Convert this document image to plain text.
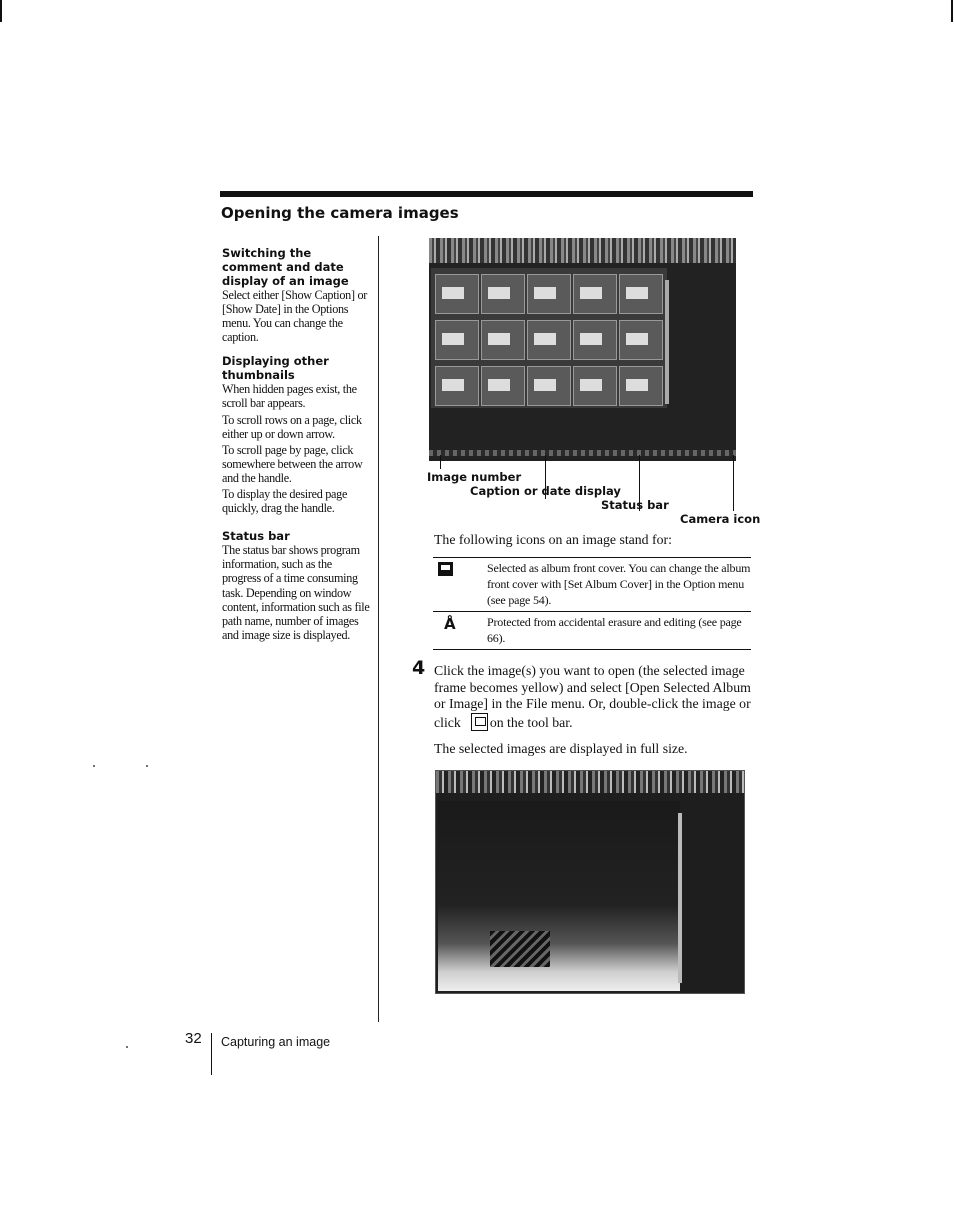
Opening the camera images

Switching the comment and date display of an image

Select either [Show Caption] or [Show Date] in the Options menu. You can change the caption.

Displaying other thumbnails

When hidden pages exist, the scroll bar appears.

To scroll rows on a page, click either up or down arrow.

To scroll page by page, click somewhere between the arrow and the handle.

To display the desired page quickly, drag the handle.

Status bar

The status bar shows program information, such as the progress of a time consuming task. Depending on window content, information such as file path name, number of images and image size is displayed.

Image number
Caption or date display
Status bar
Camera icon
The following icons on an image stand for:
Selected as album front cover. You can change the album front cover with [Set Album Cover] in the Option menu (see page 54).
Å	Protected from accidental erasure and editing (see page 66).
4 Click the image(s) you want to open (the selected image frame becomes yellow) and select [Open Selected Album or Image] in the File menu. Or, double-click the image or click on the tool bar.
The selected images are displayed in full size.
32 Capturing an image
